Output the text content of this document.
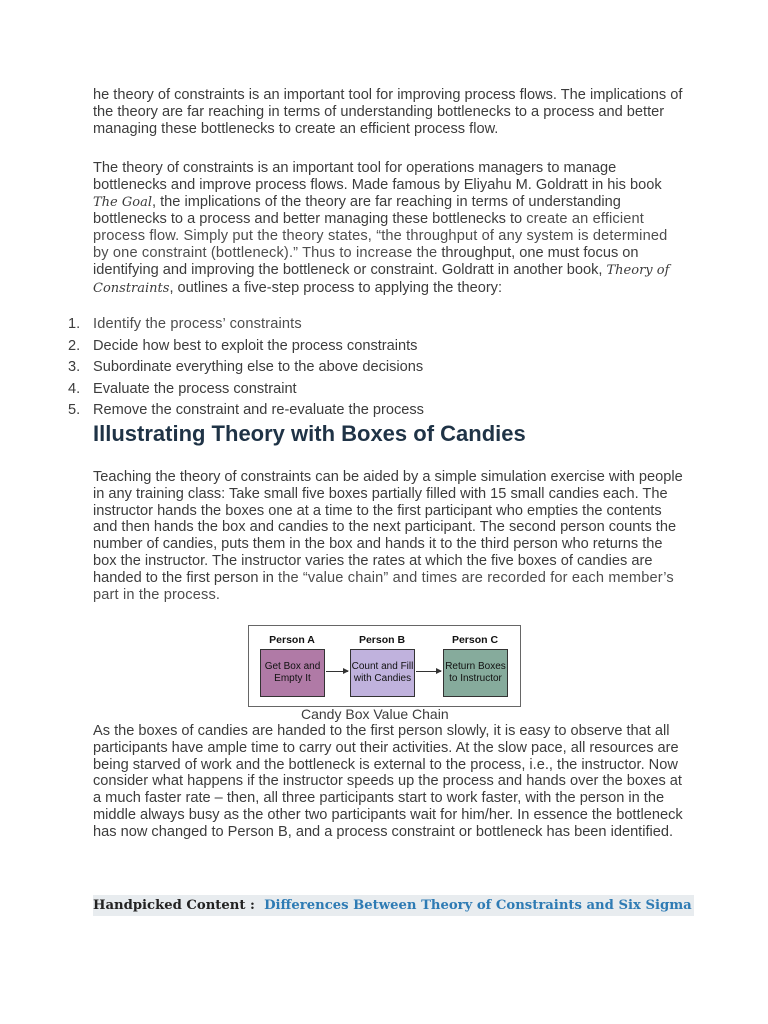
he theory of constraints is an important tool for improving process flows. The implications of the theory are far reaching in terms of understanding bottlenecks to a process and better managing these bottlenecks to create an efficient process flow.

The theory of constraints is an important tool for operations managers to manage bottlenecks and improve process flows. Made famous by Eliyahu M. Goldratt in his book The Goal, the implications of the theory are far reaching in terms of understanding bottlenecks to a process and better managing these bottlenecks to create an efficient process flow. Simply put the theory states, “the throughput of any system is determined by one constraint (bottleneck).” Thus to increase the throughput, one must focus on identifying and improving the bottleneck or constraint. Goldratt in another book, Theory of Constraints, outlines a five-step process to applying the theory:

1. Identify the process’ constraints
2. Decide how best to exploit the process constraints
3. Subordinate everything else to the above decisions
4. Evaluate the process constraint
5. Remove the constraint and re-evaluate the process
Illustrating Theory with Boxes of Candies

Teaching the theory of constraints can be aided by a simple simulation exercise with people in any training class: Take small five boxes partially filled with 15 small candies each. The instructor hands the boxes one at a time to the first participant who empties the contents and then hands the box and candies to the next participant. The second person counts the number of candies, puts them in the box and hands it to the third person who returns the box the instructor. The instructor varies the rates at which the five boxes of candies are handed to the first person in the “value chain” and times are recorded for each member’s part in the process.

Person A	Person B	Person C
Get Box and Empty It
Count and Fill with Candies
Return Boxes to Instructor
Candy Box Value Chain

As the boxes of candies are handed to the first person slowly, it is easy to observe that all participants have ample time to carry out their activities. At the slow pace, all resources are being starved of work and the bottleneck is external to the process, i.e., the instructor. Now consider what happens if the instructor speeds up the process and hands over the boxes at a much faster rate – then, all three participants start to work faster, with the person in the middle always busy as the other two participants wait for him/her. In essence the bottleneck has now changed to Person B, and a process constraint or bottleneck has been identified.

Handpicked Content : Differences Between Theory of Constraints and Six Sigma
